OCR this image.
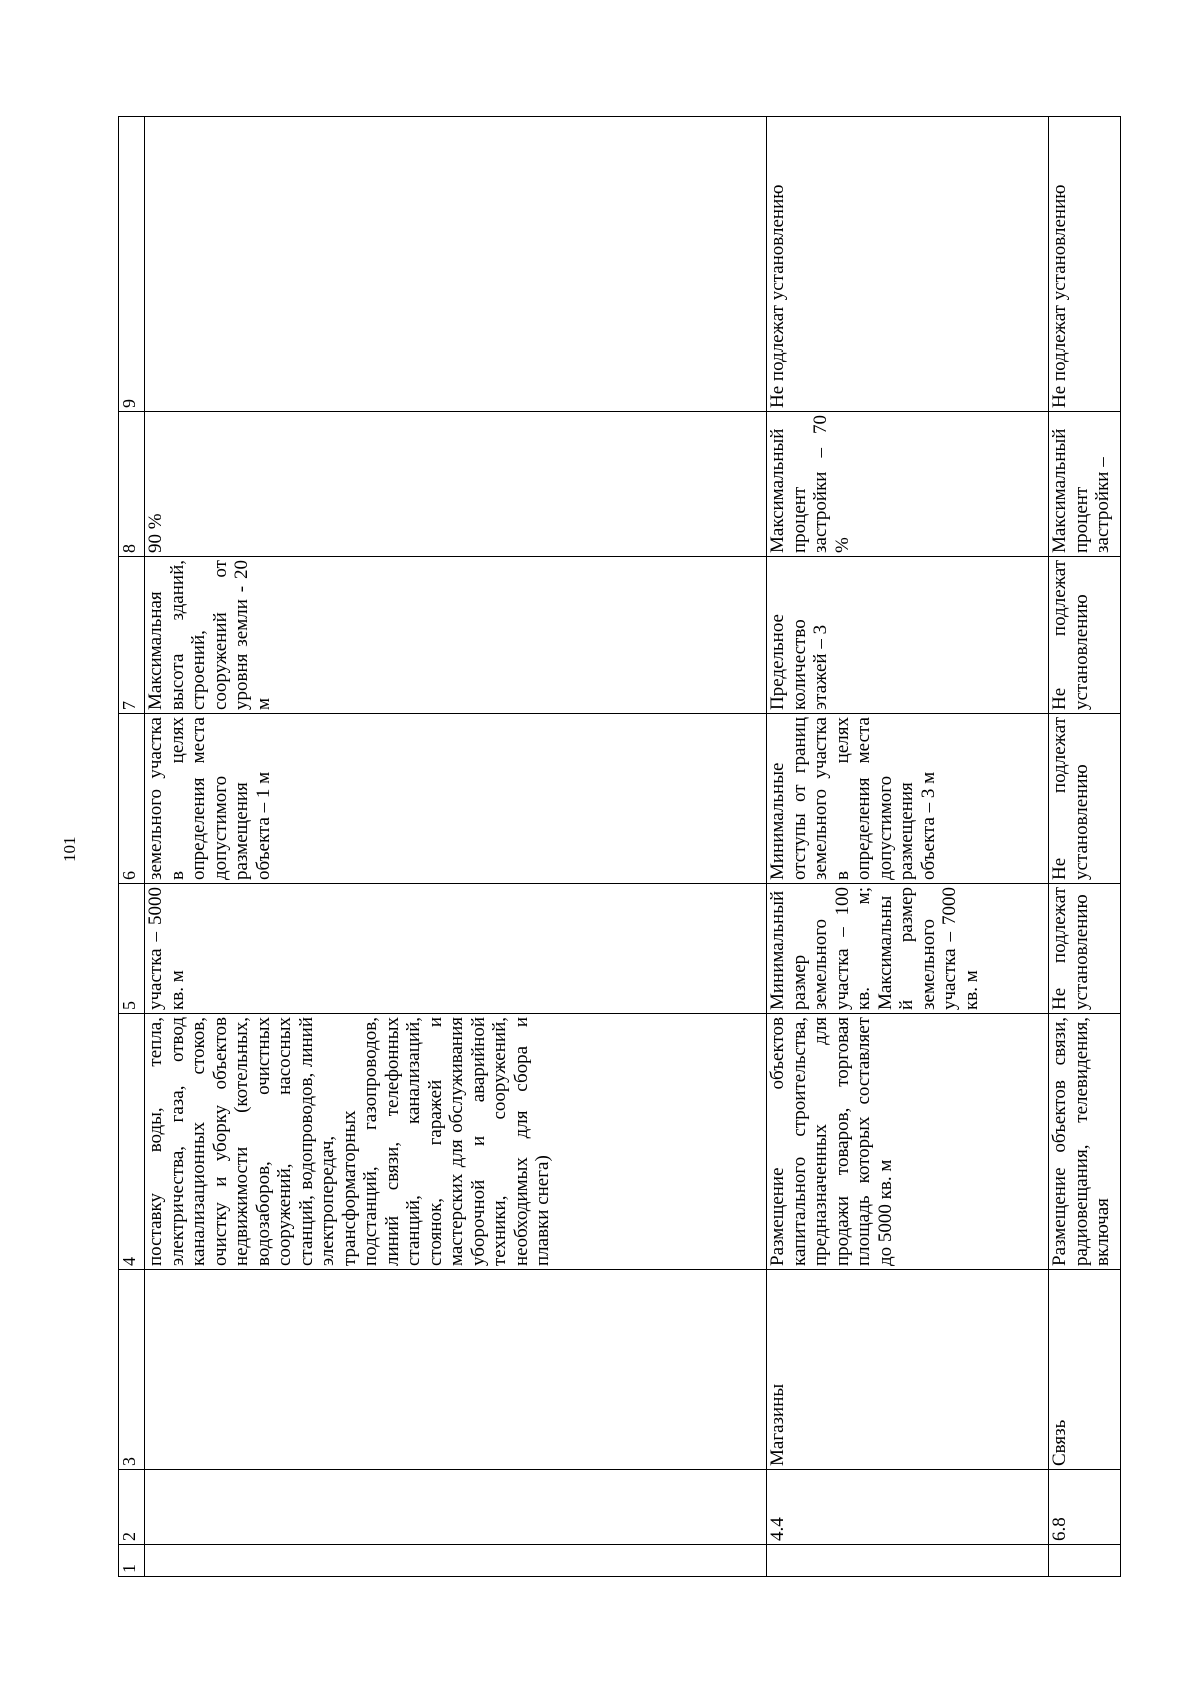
101
1	2	3	4	5	6	7	8	9
			поставку воды, тепла, электричества, газа, отвод канализационных стоков, очистку и уборку объектов недвижимости (котельных, водозаборов, очистных сооружений, насосных станций, водопроводов, линий электропередач, трансформаторных подстанций, газопроводов, линий связи, телефонных станций, канализаций, стоянок, гаражей и мастерских для обслуживания уборочной и аварийной техники, сооружений, необходимых для сбора и плавки снега)	участка – 5000 кв. м	земельного участка в целях определения места допустимого размещения объекта – 1 м	Максимальная высота зданий, строений, сооружений от уровня земли - 20 м	90 %	
	4.4	Магазины	Размещение объектов капитального строительства, предназначенных для продажи товаров, торговая площадь которых составляет до 5000 кв. м	Минимальный размер земельного участка – 100 кв. м; Максимальный размер земельного участка – 7000 кв. м	Минимальные отступы от границ земельного участка в целях определения места допустимого размещения объекта – 3 м	Предельное количество этажей – 3	Максимальный процент застройки – 70 %	Не подлежат установлению
	6.8	Связь	Размещение объектов связи, радиовещания, телевидения, включая	Не подлежат установлению	Не подлежат установлению	Не подлежат установлению	Максимальный процент застройки –	Не подлежат установлению
